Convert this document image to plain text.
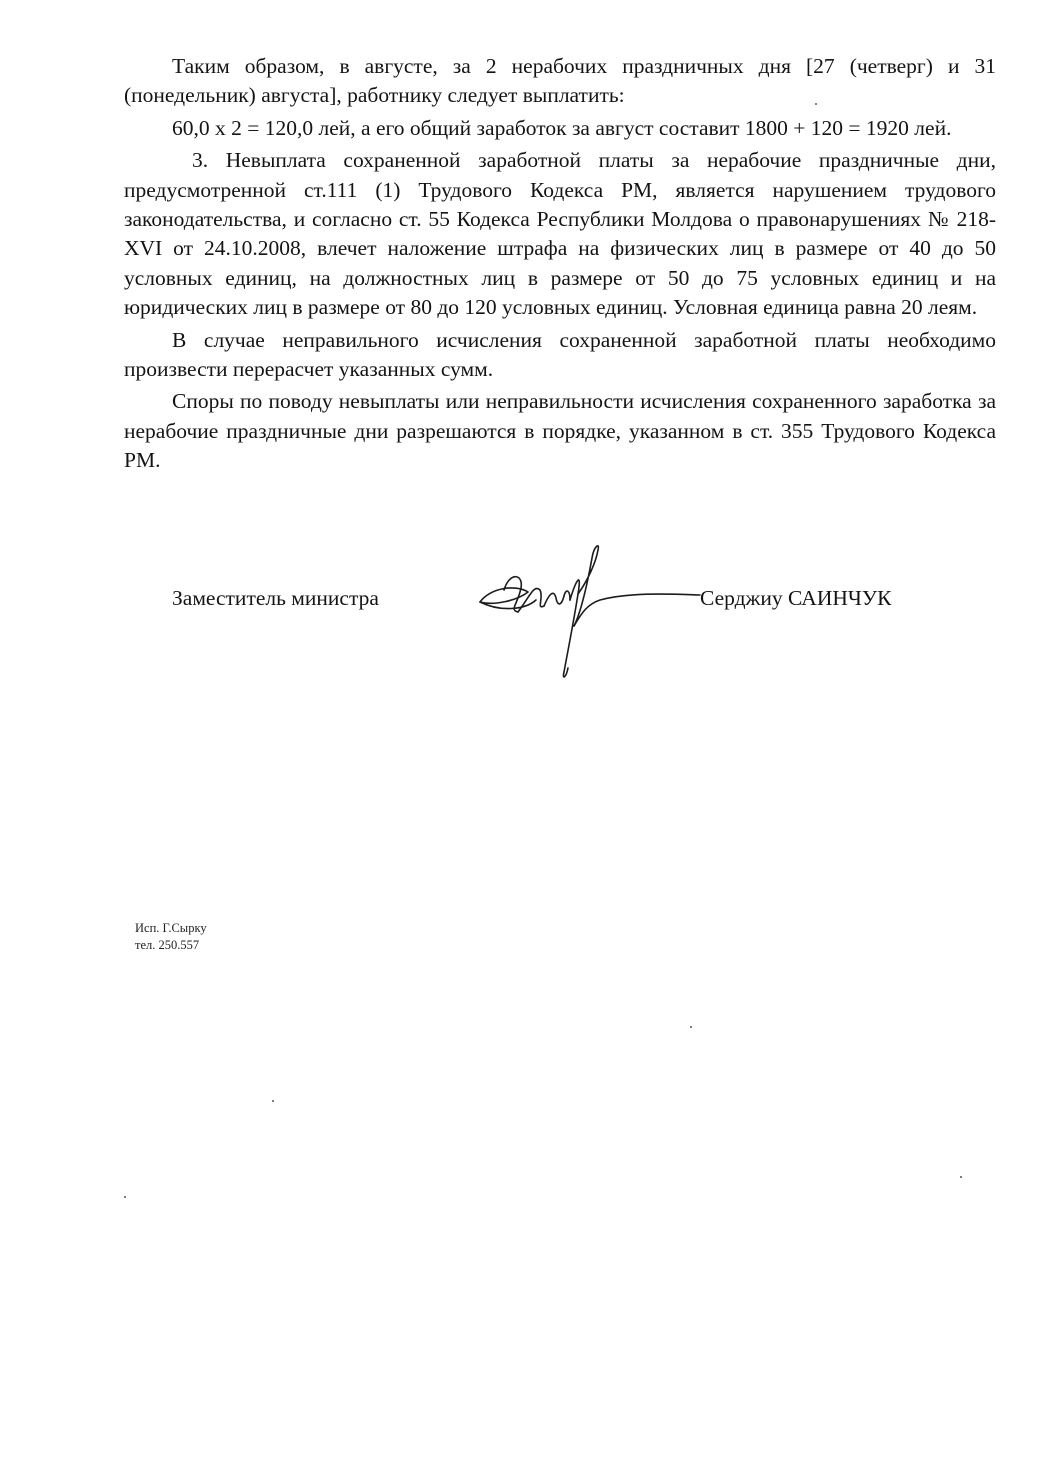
Таким образом, в августе, за 2 нерабочих праздничных дня [27 (четверг) и 31 (понедельник) августа], работнику следует выплатить:

60,0 х 2 = 120,0 лей, а его общий заработок за август составит 1800 + 120 = 1920 лей.

3. Невыплата сохраненной заработной платы за нерабочие праздничные дни, предусмотренной ст.111 (1) Трудового Кодекса РМ, является нарушением трудового законодательства, и согласно ст. 55 Кодекса Республики Молдова о правонарушениях № 218-XVI от 24.10.2008, влечет наложение штрафа на физических лиц в размере от 40 до 50 условных единиц, на должностных лиц в размере от 50 до 75 условных единиц и на юридических лиц в размере от 80 до 120 условных единиц. Условная единица равна 20 леям.

В случае неправильного исчисления сохраненной заработной платы необходимо произвести перерасчет указанных сумм.

Споры по поводу невыплаты или неправильности исчисления сохраненного заработка за нерабочие праздничные дни разрешаются в порядке, указанном в ст. 355 Трудового Кодекса РМ.

Заместитель министра	Серджиу САИНЧУК
Исп. Г.Сырку
тел. 250.557
